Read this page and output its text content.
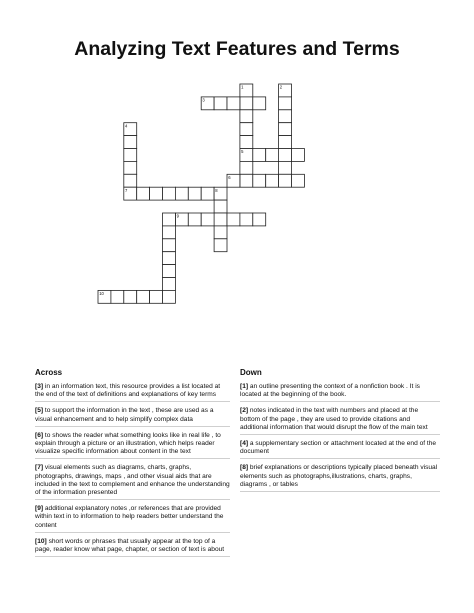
Analyzing Text Features and Terms
1
5
2
3
4
6
7	8
9
10
Across	Down
[3] in an information text, this resource provides a list located at the end of the text of definitions and explanations of key terms
[5] to support the information in the text , these are used as a visual enhancement and to help simplify complex data
[6] to shows the reader what something looks like in real life , to explain through a picture or an illustration, which helps reader visualize specific information about content in the text
[7] visual elements such as diagrams, charts, graphs, photographs, drawings, maps , and other visual aids that are included in the text to complement and enhance the understanding of the information presented
[9] additional explanatory notes ,or references that are provided within text in to information to help readers better understand the content
[10] short words or phrases that usually appear at the top of a page, reader know what page, chapter, or section of text is about
[1] an outline presenting the context of a nonfiction book . It is located at the beginning of the book.
[2] notes indicated in the text with numbers and placed at the bottom of the page , they are used to provide citations and additional information that would disrupt the flow of the main text
[4] a supplementary section or attachment located at the end of the document
[8] brief explanations or descriptions typically placed beneath visual elements such as photographs,illustrations, charts, graphs, diagrams , or tables
